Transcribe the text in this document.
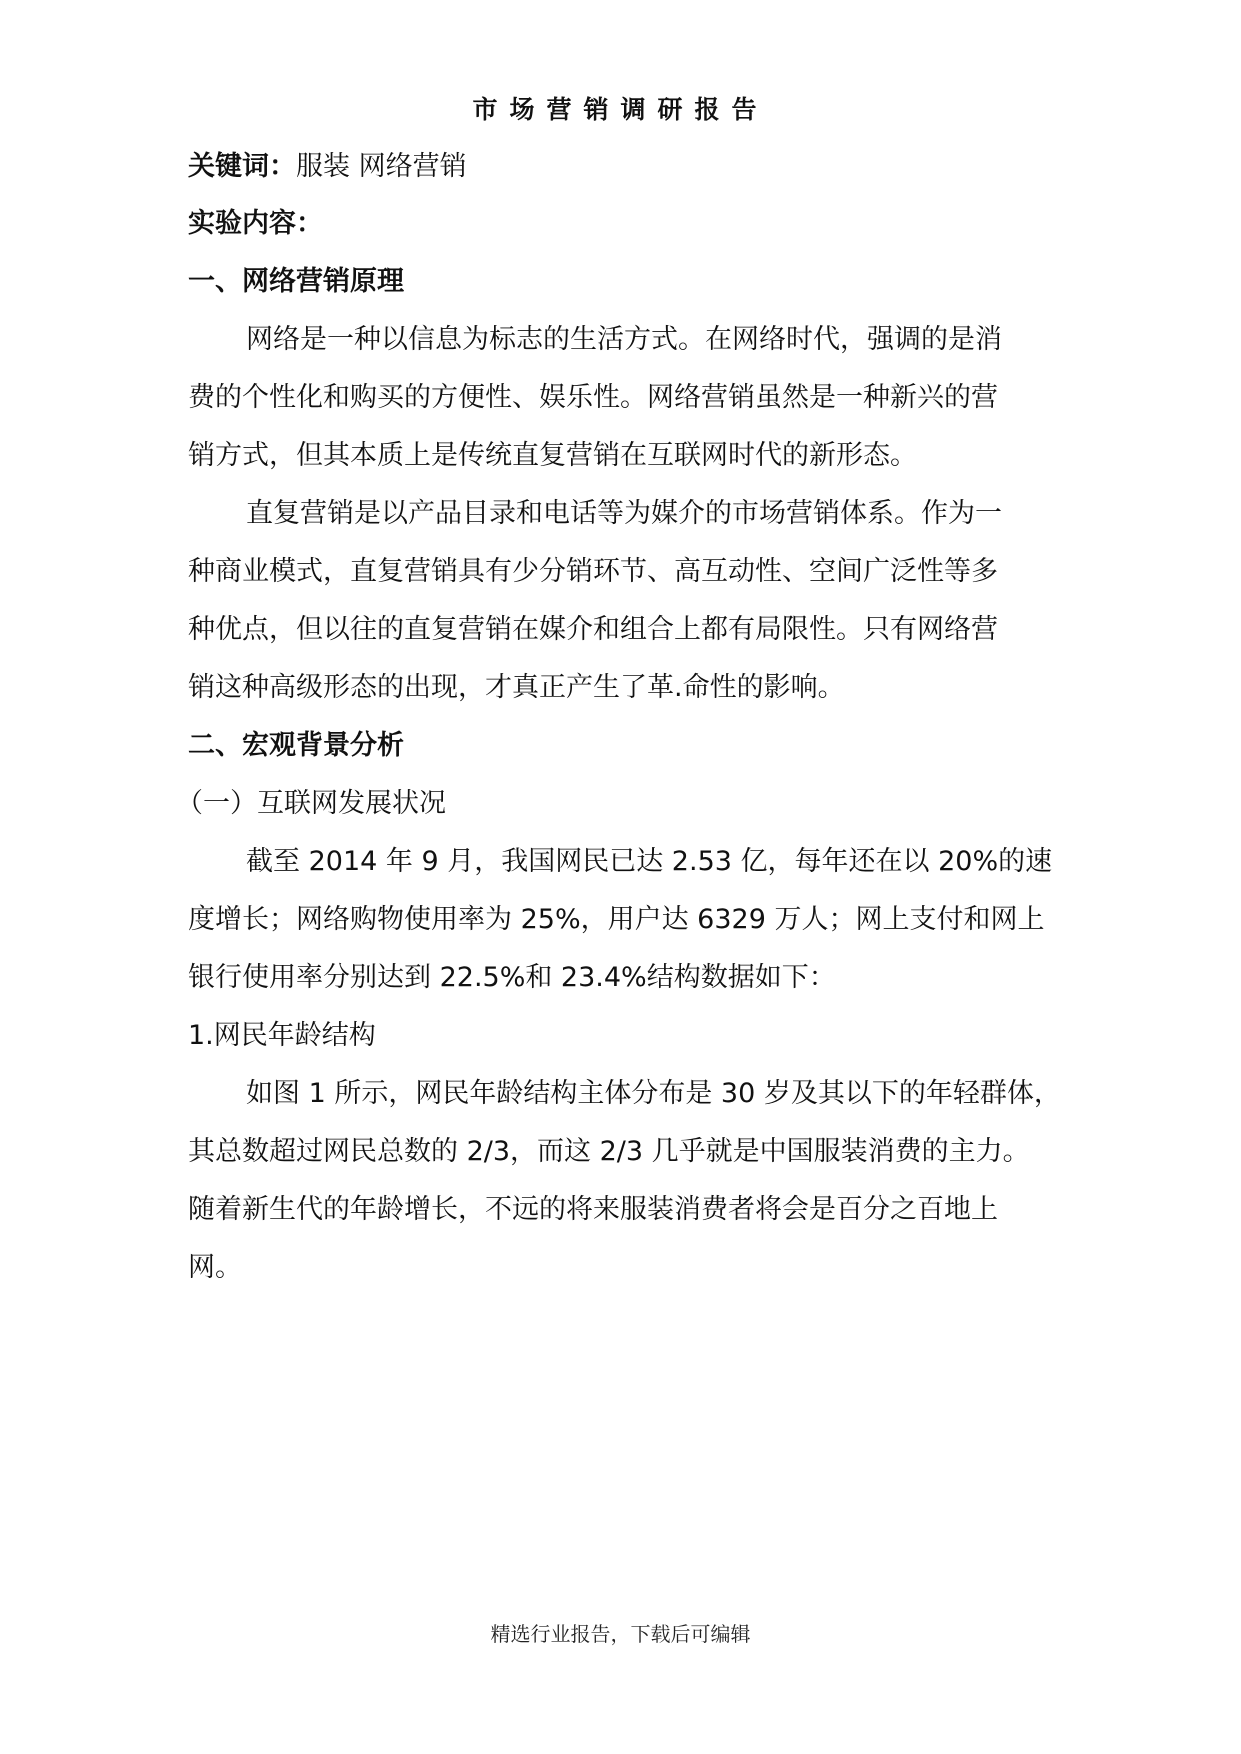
市场营销调研报告
关键词：服装 网络营销
实验内容：
一、网络营销原理
网络是一种以信息为标志的生活方式。在网络时代，强调的是消
费的个性化和购买的方便性、娱乐性。网络营销虽然是一种新兴的营
销方式，但其本质上是传统直复营销在互联网时代的新形态。
直复营销是以产品目录和电话等为媒介的市场营销体系。作为一
种商业模式，直复营销具有少分销环节、高互动性、空间广泛性等多
种优点，但以往的直复营销在媒介和组合上都有局限性。只有网络营
销这种高级形态的出现，才真正产生了革.命性的影响。
二、宏观背景分析
（一）互联网发展状况
截至 2014 年 9 月，我国网民已达 2.53 亿，每年还在以 20%的速
度增长；网络购物使用率为 25%，用户达 6329 万人；网上支付和网上
银行使用率分别达到 22.5%和 23.4%结构数据如下：
1.网民年龄结构
如图 1 所示，网民年龄结构主体分布是 30 岁及其以下的年轻群体，
其总数超过网民总数的 2/3，而这 2/3 几乎就是中国服装消费的主力。
随着新生代的年龄增长，不远的将来服装消费者将会是百分之百地上
网。
精选行业报告，下载后可编辑
